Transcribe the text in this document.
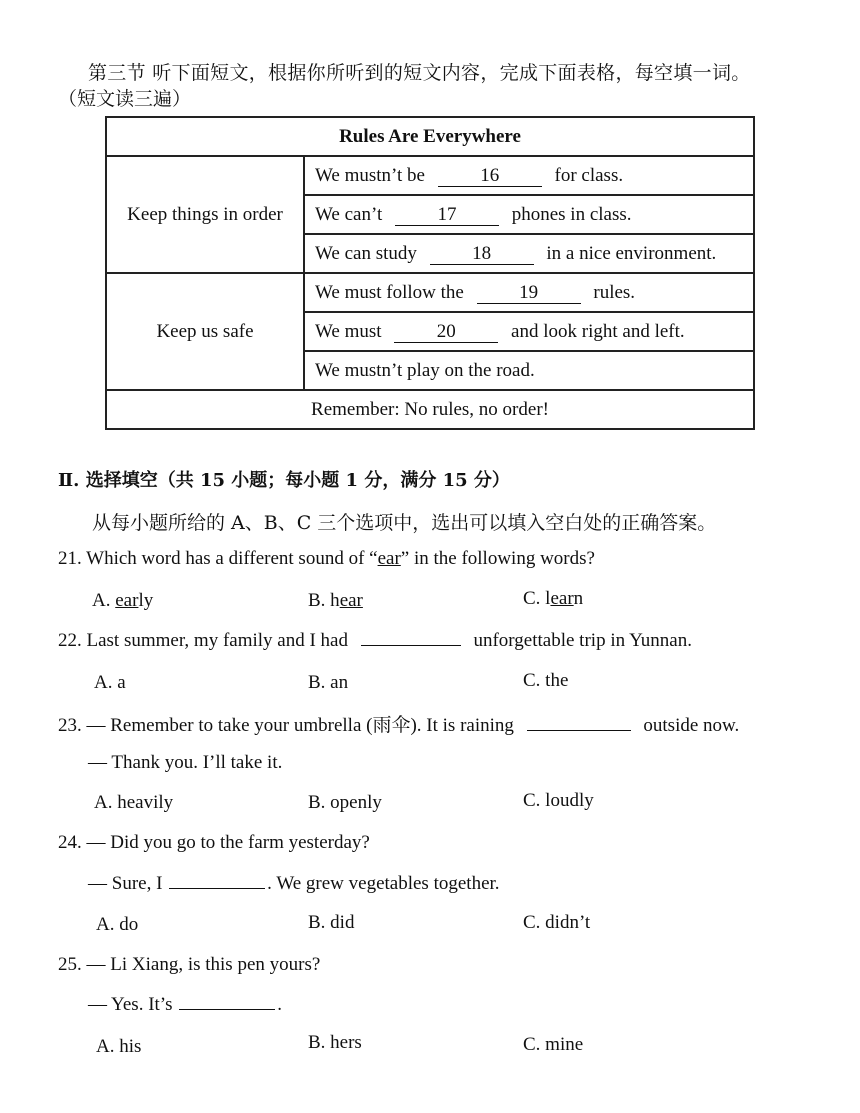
第三节 听下面短文，根据你所听到的短文内容，完成下面表格，每空填一词。
（短文读三遍）
Rules Are Everywhere	
Keep things in order	We mustn’t be 16 for class.
	We can’t 17 phones in class.
	We can study 18 in a nice environment.
Keep us safe	We must follow the 19 rules.
	We must 20 and look right and left.
	We mustn’t play on the road.
Remember: No rules, no order!	
Ⅱ. 选择填空（共 15 小题；每小题 1 分，满分 15 分）
从每小题所给的 A、B、C 三个选项中，选出可以填入空白处的正确答案。
21. Which word has a different sound of “ear” in the following words?
A. early	B. hear	C. learn
22. Last summer, my family and I had	unforgettable trip in Yunnan.
A. a	B. an	C. the
23. — Remember to take your umbrella (雨伞). It is raining	outside now.
— Thank you. I’ll take it.
A. heavily	B. openly	C. loudly
24. — Did you go to the farm yesterday?
— Sure, I	. We grew vegetables together.
A. do	B. did	C. didn’t
25. — Li Xiang, is this pen yours?
— Yes. It’s	.
A. his	B. hers	C. mine
